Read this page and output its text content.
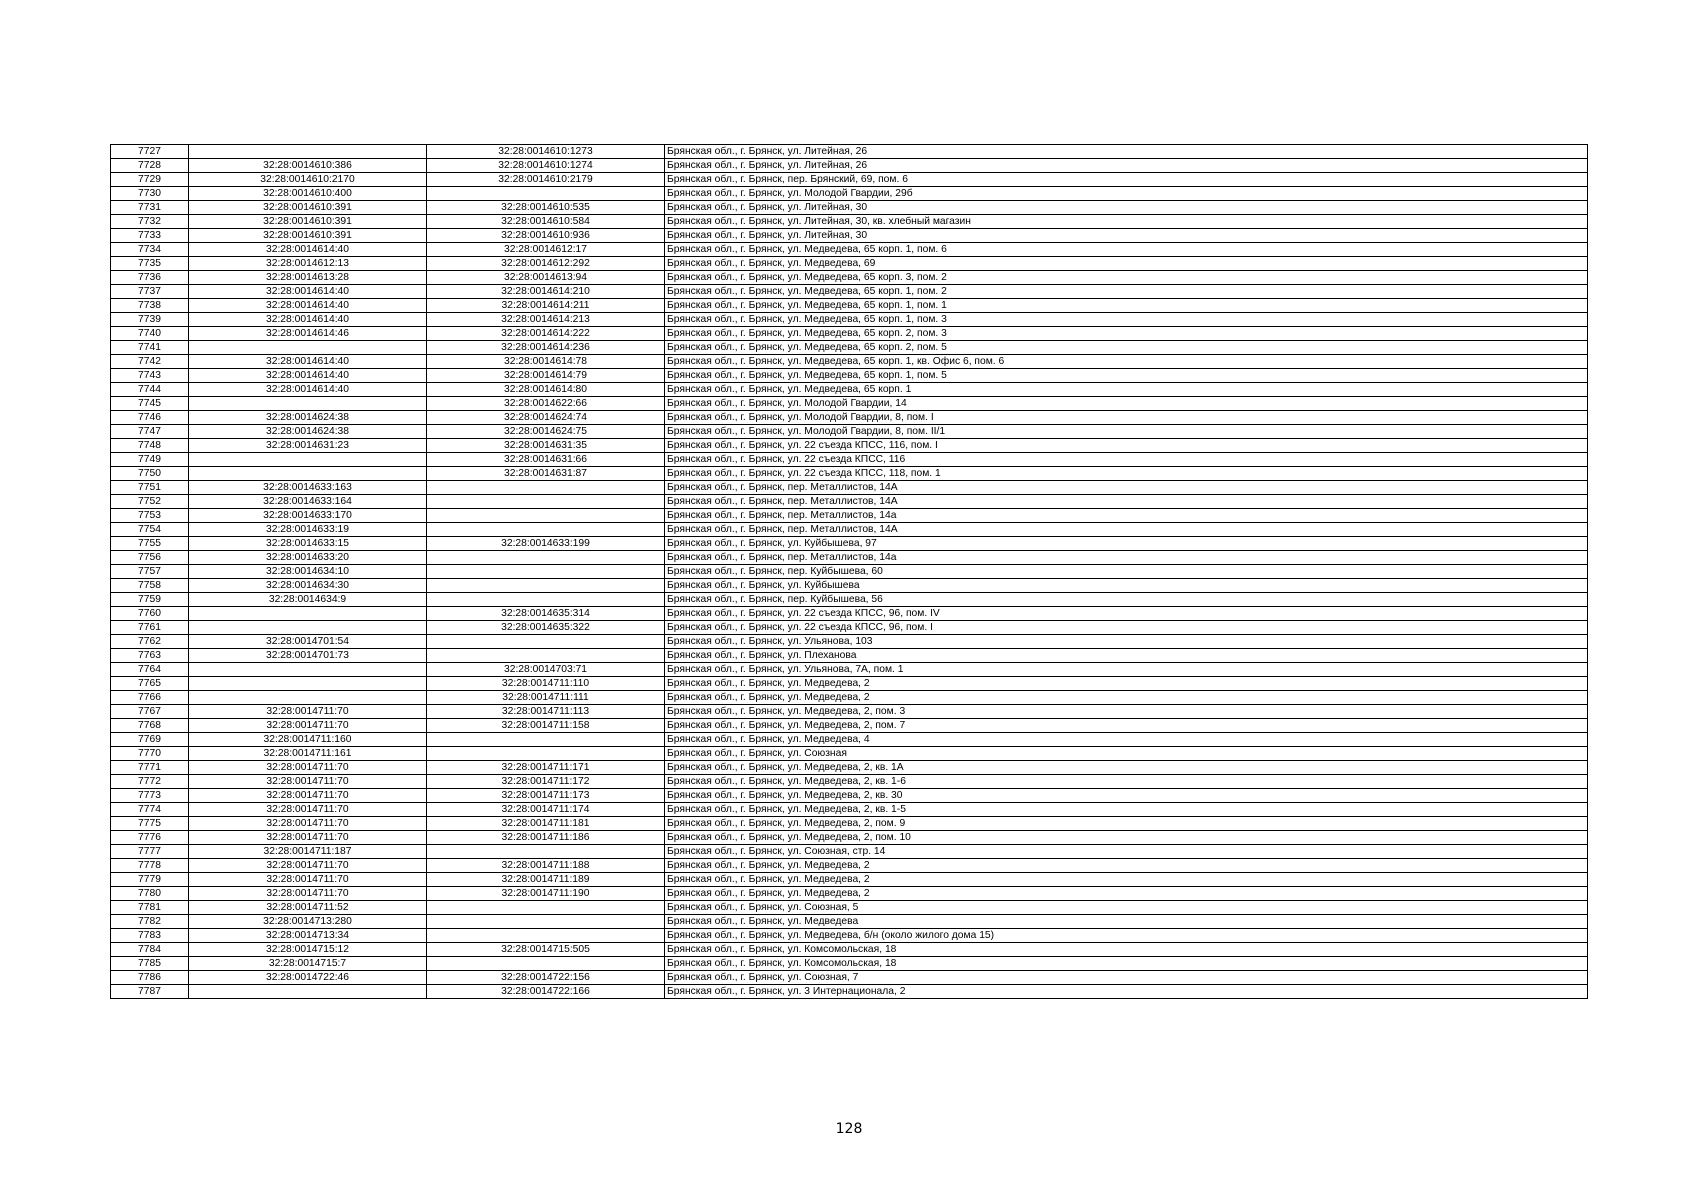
7727		32:28:0014610:1273	Брянская обл., г. Брянск, ул. Литейная, 26
7728	32:28:0014610:386	32:28:0014610:1274	Брянская обл., г. Брянск, ул. Литейная, 26
7729	32:28:0014610:2170	32:28:0014610:2179	Брянская обл., г. Брянск, пер. Брянский, 69, пом. 6
7730	32:28:0014610:400		Брянская обл., г. Брянск, ул. Молодой Гвардии, 29б
7731	32:28:0014610:391	32:28:0014610:535	Брянская обл., г. Брянск, ул. Литейная, 30
7732	32:28:0014610:391	32:28:0014610:584	Брянская обл., г. Брянск, ул. Литейная, 30, кв. хлебный магазин
7733	32:28:0014610:391	32:28:0014610:936	Брянская обл., г. Брянск, ул. Литейная, 30
7734	32:28:0014614:40	32:28:0014612:17	Брянская обл., г. Брянск, ул. Медведева, 65 корп. 1, пом. 6
7735	32:28:0014612:13	32:28:0014612:292	Брянская обл., г. Брянск, ул. Медведева, 69
7736	32:28:0014613:28	32:28:0014613:94	Брянская обл., г. Брянск, ул. Медведева, 65 корп. 3, пом. 2
7737	32:28:0014614:40	32:28:0014614:210	Брянская обл., г. Брянск, ул. Медведева, 65 корп. 1, пом. 2
7738	32:28:0014614:40	32:28:0014614:211	Брянская обл., г. Брянск, ул. Медведева, 65 корп. 1, пом. 1
7739	32:28:0014614:40	32:28:0014614:213	Брянская обл., г. Брянск, ул. Медведева, 65 корп. 1, пом. 3
7740	32:28:0014614:46	32:28:0014614:222	Брянская обл., г. Брянск, ул. Медведева, 65 корп. 2, пом. 3
7741		32:28:0014614:236	Брянская обл., г. Брянск, ул. Медведева, 65 корп. 2, пом. 5
7742	32:28:0014614:40	32:28:0014614:78	Брянская обл., г. Брянск, ул. Медведева, 65 корп. 1, кв. Офис 6, пом. 6
7743	32:28:0014614:40	32:28:0014614:79	Брянская обл., г. Брянск, ул. Медведева, 65 корп. 1, пом. 5
7744	32:28:0014614:40	32:28:0014614:80	Брянская обл., г. Брянск, ул. Медведева, 65 корп. 1
7745		32:28:0014622:66	Брянская обл., г. Брянск, ул. Молодой Гвардии, 14
7746	32:28:0014624:38	32:28:0014624:74	Брянская обл., г. Брянск, ул. Молодой Гвардии, 8, пом. I
7747	32:28:0014624:38	32:28:0014624:75	Брянская обл., г. Брянск, ул. Молодой Гвардии, 8, пом. II/1
7748	32:28:0014631:23	32:28:0014631:35	Брянская обл., г. Брянск, ул. 22 съезда КПСС, 116, пом. I
7749		32:28:0014631:66	Брянская обл., г. Брянск, ул. 22 съезда КПСС, 116
7750		32:28:0014631:87	Брянская обл., г. Брянск, ул. 22 съезда КПСС, 118, пом. 1
7751	32:28:0014633:163		Брянская обл., г. Брянск, пер. Металлистов, 14А
7752	32:28:0014633:164		Брянская обл., г. Брянск, пер. Металлистов, 14А
7753	32:28:0014633:170		Брянская обл., г. Брянск, пер. Металлистов, 14а
7754	32:28:0014633:19		Брянская обл., г. Брянск, пер. Металлистов, 14А
7755	32:28:0014633:15	32:28:0014633:199	Брянская обл., г. Брянск, ул. Куйбышева, 97
7756	32:28:0014633:20		Брянская обл., г. Брянск, пер. Металлистов, 14а
7757	32:28:0014634:10		Брянская обл., г. Брянск, пер. Куйбышева, 60
7758	32:28:0014634:30		Брянская обл., г. Брянск, ул. Куйбышева
7759	32:28:0014634:9		Брянская обл., г. Брянск, пер. Куйбышева, 56
7760		32:28:0014635:314	Брянская обл., г. Брянск, ул. 22 съезда КПСС, 96, пом. IV
7761		32:28:0014635:322	Брянская обл., г. Брянск, ул. 22 съезда КПСС, 96, пом. I
7762	32:28:0014701:54		Брянская обл., г. Брянск, ул. Ульянова, 103
7763	32:28:0014701:73		Брянская обл., г. Брянск, ул. Плеханова
7764		32:28:0014703:71	Брянская обл., г. Брянск, ул. Ульянова, 7А, пом. 1
7765		32:28:0014711:110	Брянская обл., г. Брянск, ул. Медведева, 2
7766		32:28:0014711:111	Брянская обл., г. Брянск, ул. Медведева, 2
7767	32:28:0014711:70	32:28:0014711:113	Брянская обл., г. Брянск, ул. Медведева, 2, пом. 3
7768	32:28:0014711:70	32:28:0014711:158	Брянская обл., г. Брянск, ул. Медведева, 2, пом. 7
7769	32:28:0014711:160		Брянская обл., г. Брянск, ул. Медведева, 4
7770	32:28:0014711:161		Брянская обл., г. Брянск, ул. Союзная
7771	32:28:0014711:70	32:28:0014711:171	Брянская обл., г. Брянск, ул. Медведева, 2, кв. 1А
7772	32:28:0014711:70	32:28:0014711:172	Брянская обл., г. Брянск, ул. Медведева, 2, кв. 1-6
7773	32:28:0014711:70	32:28:0014711:173	Брянская обл., г. Брянск, ул. Медведева, 2, кв. 30
7774	32:28:0014711:70	32:28:0014711:174	Брянская обл., г. Брянск, ул. Медведева, 2, кв. 1-5
7775	32:28:0014711:70	32:28:0014711:181	Брянская обл., г. Брянск, ул. Медведева, 2, пом. 9
7776	32:28:0014711:70	32:28:0014711:186	Брянская обл., г. Брянск, ул. Медведева, 2, пом. 10
7777	32:28:0014711:187		Брянская обл., г. Брянск, ул. Союзная, стр. 14
7778	32:28:0014711:70	32:28:0014711:188	Брянская обл., г. Брянск, ул. Медведева, 2
7779	32:28:0014711:70	32:28:0014711:189	Брянская обл., г. Брянск, ул. Медведева, 2
7780	32:28:0014711:70	32:28:0014711:190	Брянская обл., г. Брянск, ул. Медведева, 2
7781	32:28:0014711:52		Брянская обл., г. Брянск, ул. Союзная, 5
7782	32:28:0014713:280		Брянская обл., г. Брянск, ул. Медведева
7783	32:28:0014713:34		Брянская обл., г. Брянск, ул. Медведева, б/н (около жилого дома 15)
7784	32:28:0014715:12	32:28:0014715:505	Брянская обл., г. Брянск, ул. Комсомольская, 18
7785	32:28:0014715:7		Брянская обл., г. Брянск, ул. Комсомольская, 18
7786	32:28:0014722:46	32:28:0014722:156	Брянская обл., г. Брянск, ул. Союзная, 7
7787		32:28:0014722:166	Брянская обл., г. Брянск, ул. 3 Интернационала, 2
128
